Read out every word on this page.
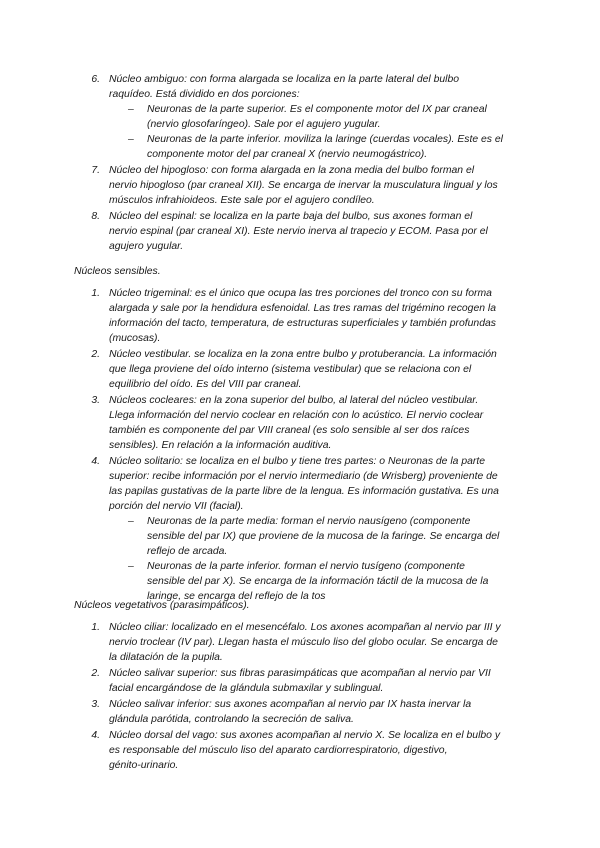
6. Núcleo ambiguo: con forma alargada se localiza en la parte lateral del bulbo
raquídeo. Está dividido en dos porciones:
– Neuronas de la parte superior. Es el componente motor del IX par craneal
(nervio glosofaríngeo). Sale por el agujero yugular.
– Neuronas de la parte inferior. moviliza la laringe (cuerdas vocales). Este es el
componente motor del par craneal X (nervio neumogástrico).
7. Núcleo del hipogloso: con forma alargada en la zona media del bulbo forman el
nervio hipogloso (par craneal XII). Se encarga de inervar la musculatura lingual y los
músculos infrahioideos. Este sale por el agujero condíleo.
8. Núcleo del espinal: se localiza en la parte baja del bulbo, sus axones forman el
nervio espinal (par craneal XI). Este nervio inerva al trapecio y ECOM. Pasa por el
agujero yugular.
Núcleos sensibles.
1. Núcleo trigeminal: es el único que ocupa las tres porciones del tronco con su forma
alargada y sale por la hendidura esfenoidal. Las tres ramas del trigémino recogen la
información del tacto, temperatura, de estructuras superficiales y también profundas
(mucosas).
2. Núcleo vestibular. se localiza en la zona entre bulbo y protuberancia. La información
que llega proviene del oído interno (sistema vestibular) que se relaciona con el
equilibrio del oído. Es del VIII par craneal.
3. Núcleos cocleares: en la zona superior del bulbo, al lateral del núcleo vestibular.
Llega información del nervio coclear en relación con lo acústico. El nervio coclear
también es componente del par VIII craneal (es solo sensible al ser dos raíces
sensibles). En relación a la información auditiva.
4. Núcleo solitario: se localiza en el bulbo y tiene tres partes: o Neuronas de la parte
superior: recibe información por el nervio intermediario (de Wrisberg) proveniente de
las papilas gustativas de la parte libre de la lengua. Es información gustativa. Es una
porción del nervio VII (facial).
– Neuronas de la parte media: forman el nervio nausígeno (componente
sensible del par IX) que proviene de la mucosa de la faringe. Se encarga del
reflejo de arcada.
– Neuronas de la parte inferior. forman el nervio tusígeno (componente
sensible del par X). Se encarga de la información táctil de la mucosa de la
laringe, se encarga del reflejo de la tos
Núcleos vegetativos (parasimpáticos).
1. Núcleo ciliar: localizado en el mesencéfalo. Los axones acompañan al nervio par III y
nervio troclear (IV par). Llegan hasta el músculo liso del globo ocular. Se encarga de
la dilatación de la pupila.
2. Núcleo salivar superior: sus fibras parasimpáticas que acompañan al nervio par VII
facial encargándose de la glándula submaxilar y sublingual.
3. Núcleo salivar inferior: sus axones acompañan al nervio par IX hasta inervar la
glándula parótida, controlando la secreción de saliva.
4. Núcleo dorsal del vago: sus axones acompañan al nervio X. Se localiza en el bulbo y
es responsable del músculo liso del aparato cardiorrespiratorio, digestivo,
génito-urinario.
